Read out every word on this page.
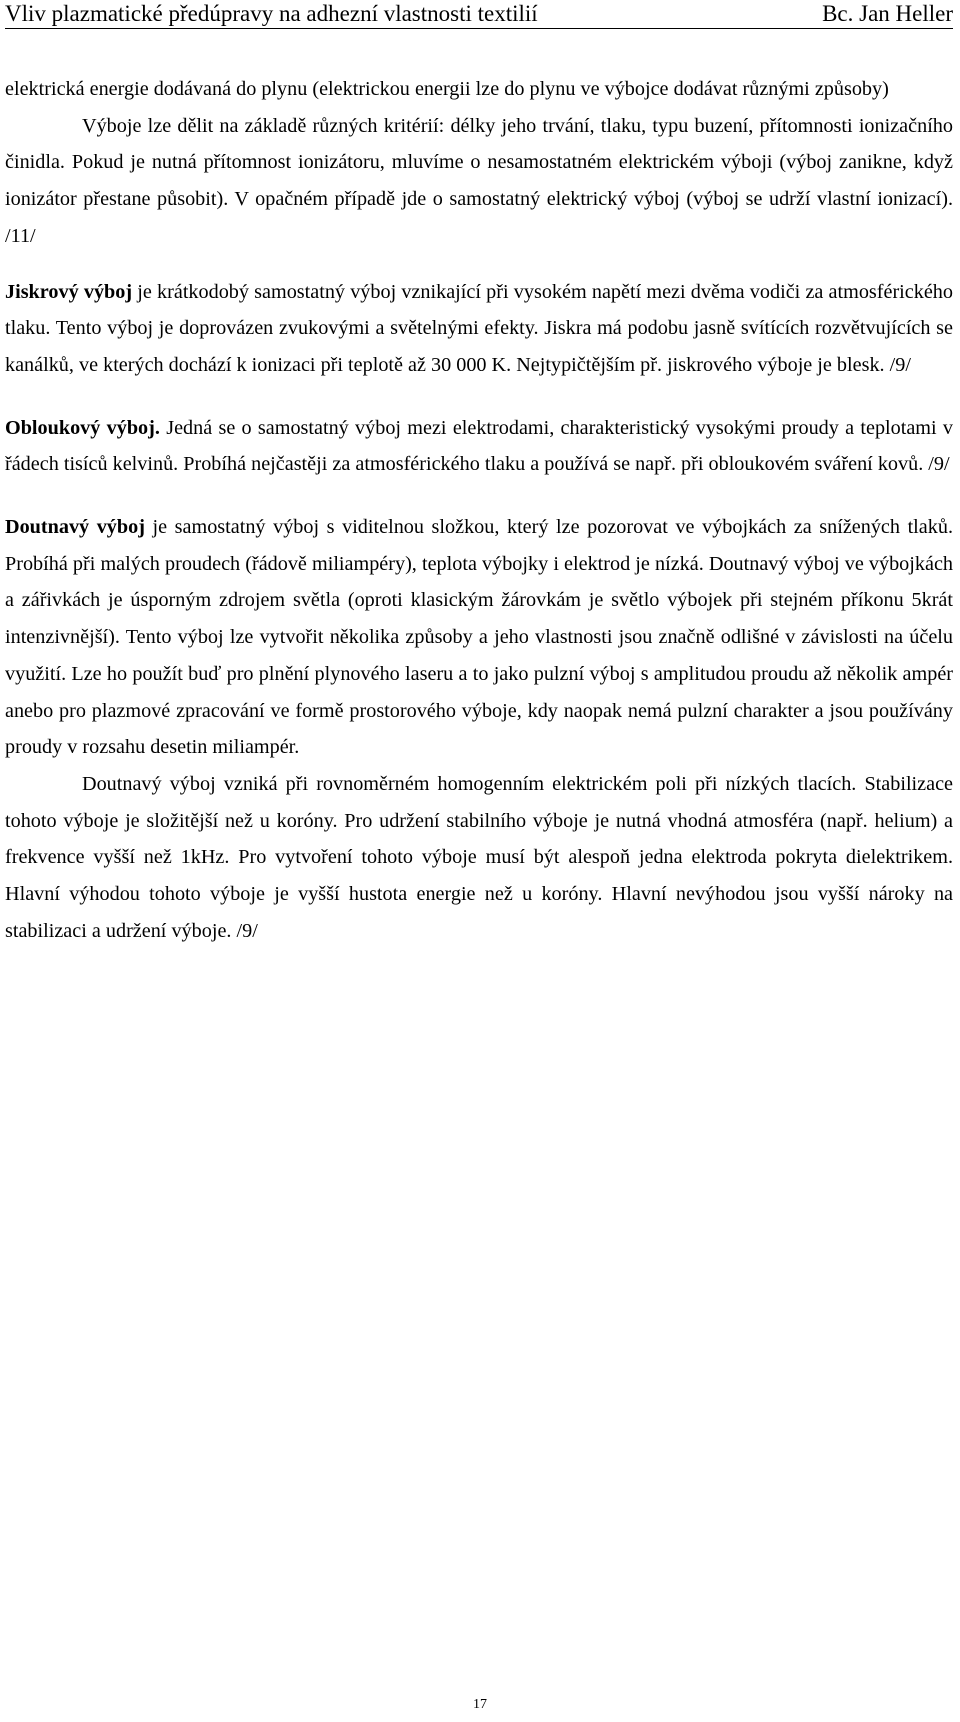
Vliv plazmatické předúpravy na adhezní vlastnosti textilií	Bc. Jan Heller

elektrická energie dodávaná do plynu (elektrickou energii lze do plynu ve výbojce dodávat různými způsoby)

Výboje lze dělit na základě různých kritérií: délky jeho trvání, tlaku, typu buzení, přítomnosti ionizačního činidla. Pokud je nutná přítomnost ionizátoru, mluvíme o nesamostatném elektrickém výboji (výboj zanikne, když ionizátor přestane působit). V opačném případě jde o samostatný elektrický výboj (výboj se udrží vlastní ionizací). /11/

Jiskrový výboj je krátkodobý samostatný výboj vznikající při vysokém napětí mezi dvěma vodiči za atmosférického tlaku. Tento výboj je doprovázen zvukovými a světelnými efekty. Jiskra má podobu jasně svítících rozvětvujících se kanálků, ve kterých dochází k ionizaci při teplotě až 30 000 K. Nejtypičtějším př. jiskrového výboje je blesk. /9/

Obloukový výboj. Jedná se o samostatný výboj mezi elektrodami, charakteristický vysokými proudy a teplotami v řádech tisíců kelvinů. Probíhá nejčastěji za atmosférického tlaku a používá se např. při obloukovém sváření kovů. /9/

Doutnavý výboj je samostatný výboj s viditelnou složkou, který lze pozorovat ve výbojkách za snížených tlaků. Probíhá při malých proudech (řádově miliampéry), teplota výbojky i elektrod je nízká. Doutnavý výboj ve výbojkách a zářivkách je úsporným zdrojem světla (oproti klasickým žárovkám je světlo výbojek při stejném příkonu 5krát intenzivnější). Tento výboj lze vytvořit několika způsoby a jeho vlastnosti jsou značně odlišné v závislosti na účelu využití. Lze ho použít buď pro plnění plynového laseru a to jako pulzní výboj s amplitudou proudu až několik ampér anebo pro plazmové zpracování ve formě prostorového výboje, kdy naopak nemá pulzní charakter a jsou používány proudy v rozsahu desetin miliampér.

Doutnavý výboj vzniká při rovnoměrném homogenním elektrickém poli při nízkých tlacích. Stabilizace tohoto výboje je složitější než u koróny. Pro udržení stabilního výboje je nutná vhodná atmosféra (např. helium) a frekvence vyšší než 1kHz. Pro vytvoření tohoto výboje musí být alespoň jedna elektroda pokryta dielektrikem. Hlavní výhodou tohoto výboje je vyšší hustota energie než u koróny. Hlavní nevýhodou jsou vyšší nároky na stabilizaci a udržení výboje. /9/

17
